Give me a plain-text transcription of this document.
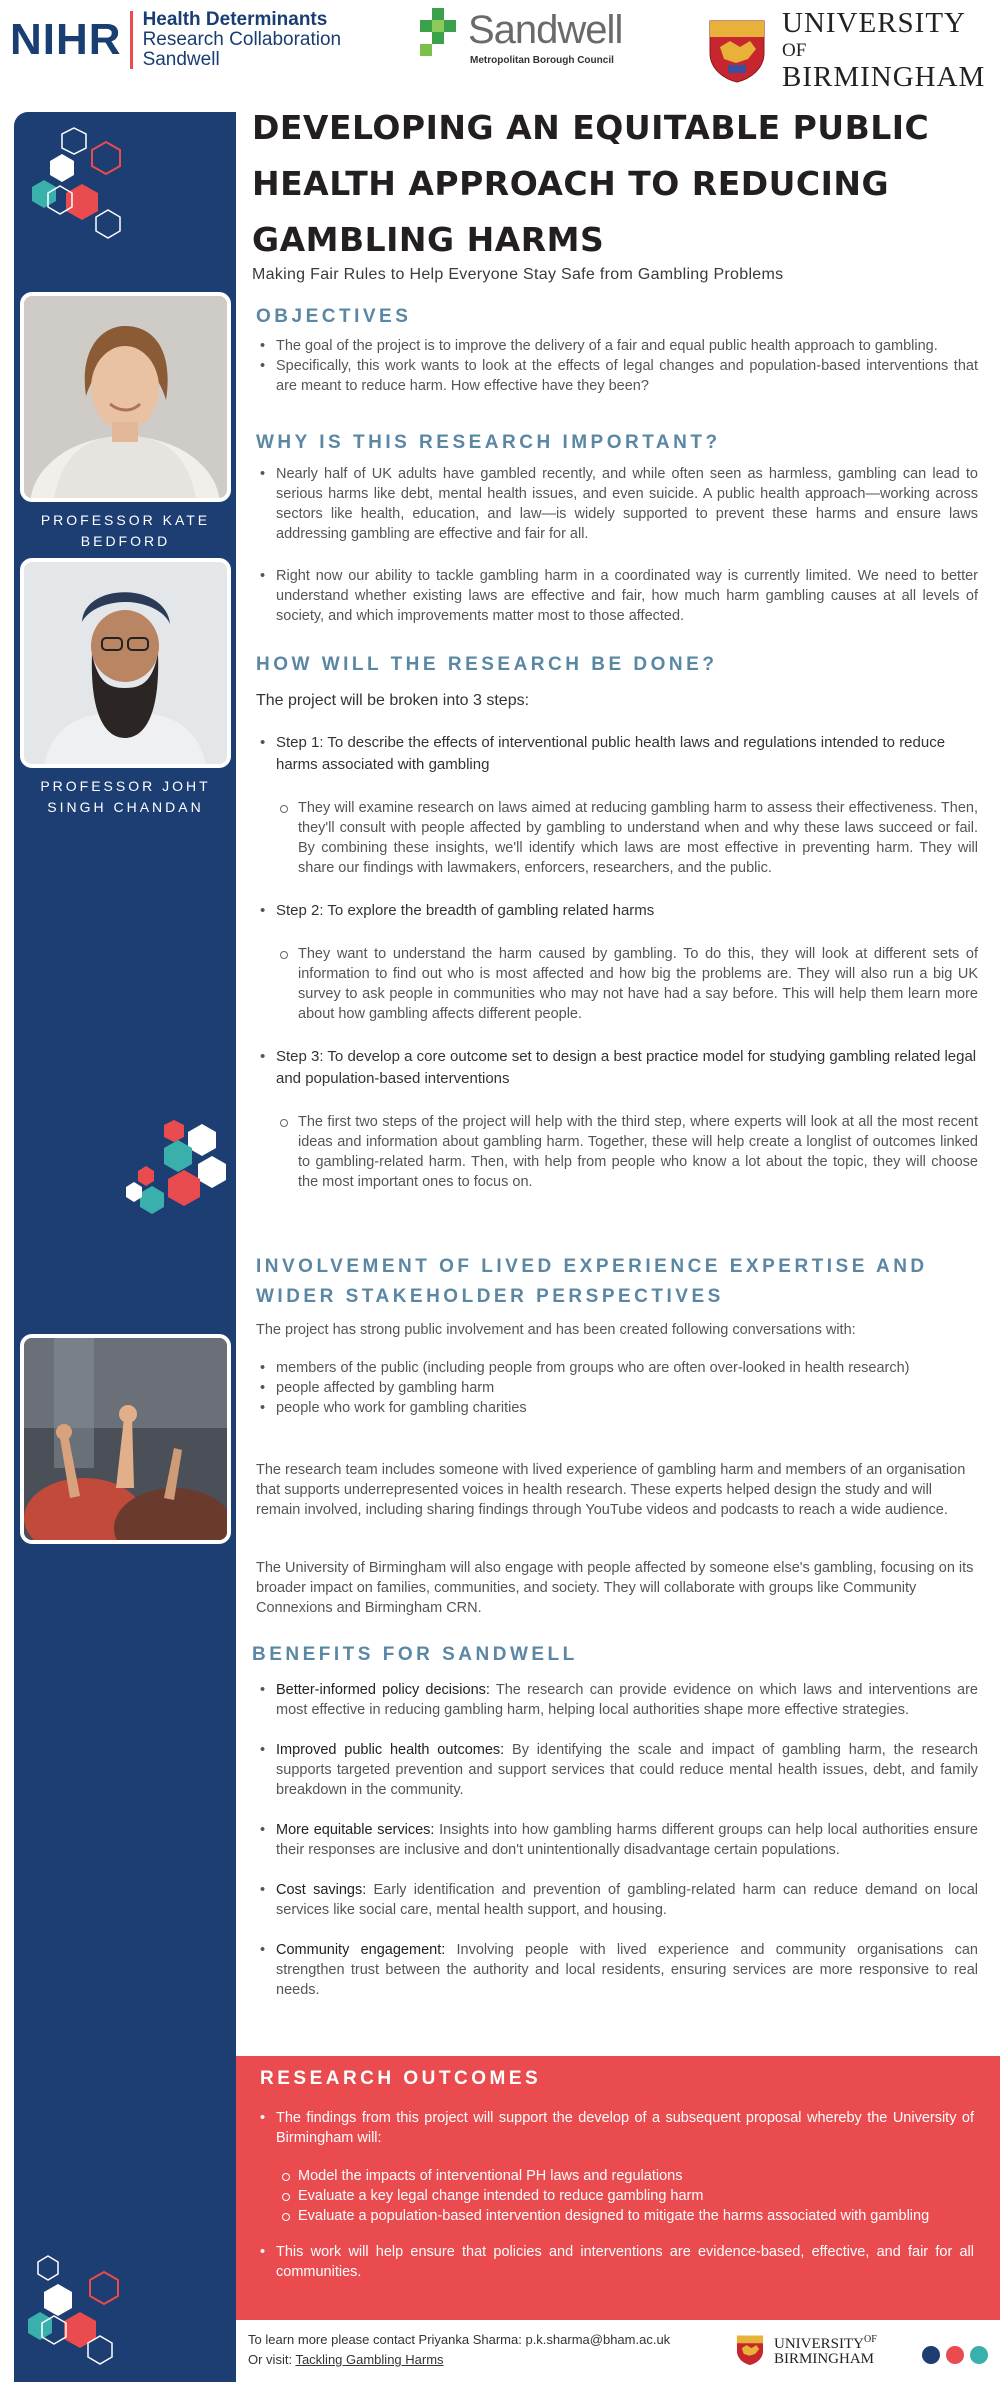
NIHR Health Determinants
Research Collaboration
Sandwell
Sandwell
Metropolitan Borough Council
UNIVERSITY
OF
BIRMINGHAM
PROFESSOR KATE BEDFORD
PROFESSOR JOHT SINGH CHANDAN
DEVELOPING AN EQUITABLE PUBLIC HEALTH APPROACH TO REDUCING GAMBLING HARMS
Making Fair Rules to Help Everyone Stay Safe from Gambling Problems
OBJECTIVES
• The goal of the project is to improve the delivery of a fair and equal public health approach to gambling.
• Specifically, this work wants to look at the effects of legal changes and population-based interventions that are meant to reduce harm. How effective have they been?
WHY IS THIS RESEARCH IMPORTANT?
• Nearly half of UK adults have gambled recently, and while often seen as harmless, gambling can lead to serious harms like debt, mental health issues, and even suicide. A public health approach—working across sectors like health, education, and law—is widely supported to prevent these harms and ensure laws addressing gambling are effective and fair for all.
• Right now our ability to tackle gambling harm in a coordinated way is currently limited. We need to better understand whether existing laws are effective and fair, how much harm gambling causes at all levels of society, and which improvements matter most to those affected.
HOW WILL THE RESEARCH BE DONE?
The project will be broken into 3 steps:
• Step 1: To describe the effects of interventional public health laws and regulations intended to reduce harms associated with gambling
They will examine research on laws aimed at reducing gambling harm to assess their effectiveness. Then, they'll consult with people affected by gambling to understand when and why these laws succeed or fail. By combining these insights, we'll identify which laws are most effective in preventing harm. They will share our findings with lawmakers, enforcers, researchers, and the public.
• Step 2: To explore the breadth of gambling related harms
They want to understand the harm caused by gambling. To do this, they will look at different sets of information to find out who is most affected and how big the problems are. They will also run a big UK survey to ask people in communities who may not have had a say before. This will help them learn more about how gambling affects different people.
• Step 3: To develop a core outcome set to design a best practice model for studying gambling related legal and population-based interventions
The first two steps of the project will help with the third step, where experts will look at all the most recent ideas and information about gambling harm. Together, these will help create a longlist of outcomes linked to gambling-related harm. Then, with help from people who know a lot about the topic, they will choose the most important ones to focus on.
INVOLVEMENT OF LIVED EXPERIENCE EXPERTISE AND WIDER STAKEHOLDER PERSPECTIVES
The project has strong public involvement and has been created following conversations with:
• members of the public (including people from groups who are often over-looked in health research)
• people affected by gambling harm
• people who work for gambling charities
The research team includes someone with lived experience of gambling harm and members of an organisation that supports underrepresented voices in health research. These experts helped design the study and will remain involved, including sharing findings through YouTube videos and podcasts to reach a wide audience.
The University of Birmingham will also engage with people affected by someone else's gambling, focusing on its broader impact on families, communities, and society. They will collaborate with groups like Community Connexions and Birmingham CRN.
BENEFITS FOR SANDWELL
• Better-informed policy decisions: The research can provide evidence on which laws and interventions are most effective in reducing gambling harm, helping local authorities shape more effective strategies.
• Improved public health outcomes: By identifying the scale and impact of gambling harm, the research supports targeted prevention and support services that could reduce mental health issues, debt, and family breakdown in the community.
• More equitable services: Insights into how gambling harms different groups can help local authorities ensure their responses are inclusive and don't unintentionally disadvantage certain populations.
• Cost savings: Early identification and prevention of gambling-related harm can reduce demand on local services like social care, mental health support, and housing.
• Community engagement: Involving people with lived experience and community organisations can strengthen trust between the authority and local residents, ensuring services are more responsive to real needs.
RESEARCH OUTCOMES
• The findings from this project will support the develop of a subsequent proposal whereby the University of Birmingham will:
Model the impacts of interventional PH laws and regulations
Evaluate a key legal change intended to reduce gambling harm
Evaluate a population-based intervention designed to mitigate the harms associated with gambling
• This work will help ensure that policies and interventions are evidence-based, effective, and fair for all communities.
To learn more please contact Priyanka Sharma: p.k.sharma@bham.ac.uk
Or visit: Tackling Gambling Harms
$UNIVERSITY^{OF}$
BIRMINGHAM
